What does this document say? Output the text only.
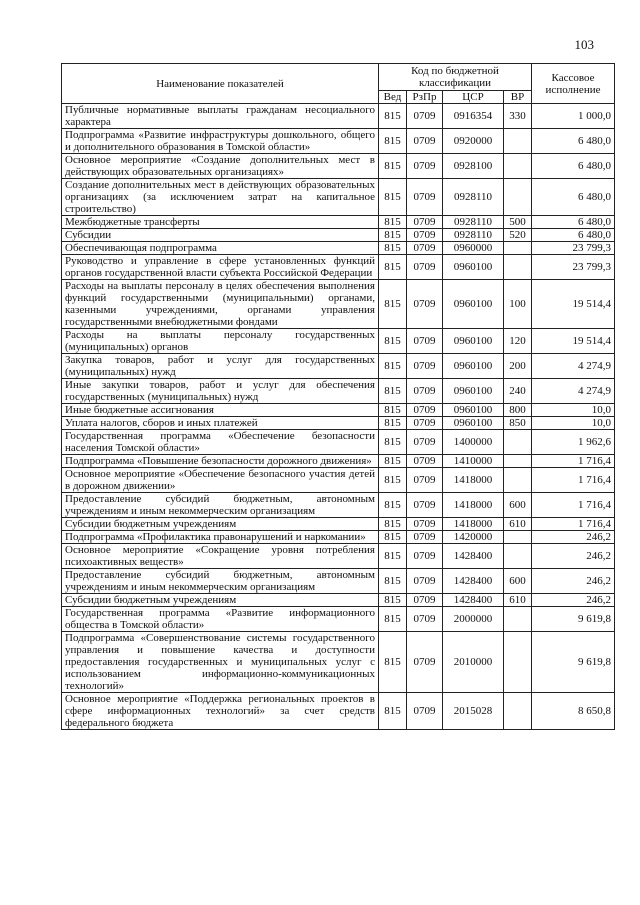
103
Наименование показателей	Код по бюджетной классификации				Кассовое исполнение
	Вед	РзПр	ЦСР	ВР	
Публичные нормативные выплаты гражданам несоциального характера	815	0709	0916354	330	1 000,0
Подпрограмма «Развитие инфраструктуры дошкольного, общего и дополнительного образования в Томской области»	815	0709	0920000		6 480,0
Основное мероприятие «Создание дополнительных мест в действующих образовательных организациях»	815	0709	0928100		6 480,0
Создание дополнительных мест в действующих образовательных организациях (за исключением затрат на капитальное строительство)	815	0709	0928110		6 480,0
Межбюджетные трансферты	815	0709	0928110	500	6 480,0
Субсидии	815	0709	0928110	520	6 480,0
Обеспечивающая подпрограмма	815	0709	0960000		23 799,3
Руководство и управление в сфере установленных функций органов государственной власти субъекта Российской Федерации	815	0709	0960100		23 799,3
Расходы на выплаты персоналу в целях обеспечения выполнения функций государственными (муниципальными) органами, казенными учреждениями, органами управления государственными внебюджетными фондами	815	0709	0960100	100	19 514,4
Расходы на выплаты персоналу государственных (муниципальных) органов	815	0709	0960100	120	19 514,4
Закупка товаров, работ и услуг для государственных (муниципальных) нужд	815	0709	0960100	200	4 274,9
Иные закупки товаров, работ и услуг для обеспечения государственных (муниципальных) нужд	815	0709	0960100	240	4 274,9
Иные бюджетные ассигнования	815	0709	0960100	800	10,0
Уплата налогов, сборов и иных платежей	815	0709	0960100	850	10,0
Государственная программа «Обеспечение безопасности населения Томской области»	815	0709	1400000		1 962,6
Подпрограмма «Повышение безопасности дорожного движения»	815	0709	1410000		1 716,4
Основное мероприятие «Обеспечение безопасного участия детей в дорожном движении»	815	0709	1418000		1 716,4
Предоставление субсидий бюджетным, автономным учреждениям и иным некоммерческим организациям	815	0709	1418000	600	1 716,4
Субсидии бюджетным учреждениям	815	0709	1418000	610	1 716,4
Подпрограмма «Профилактика правонарушений и наркомании»	815	0709	1420000		246,2
Основное мероприятие «Сокращение уровня потребления психоактивных веществ»	815	0709	1428400		246,2
Предоставление субсидий бюджетным, автономным учреждениям и иным некоммерческим организациям	815	0709	1428400	600	246,2
Субсидии бюджетным учреждениям	815	0709	1428400	610	246,2
Государственная программа «Развитие информационного общества в Томской области»	815	0709	2000000		9 619,8
Подпрограмма «Совершенствование системы государственного управления и повышение качества и доступности предоставления государственных и муниципальных услуг с использованием информационно-коммуникационных технологий»	815	0709	2010000		9 619,8
Основное мероприятие «Поддержка региональных проектов в сфере информационных технологий» за счет средств федерального бюджета	815	0709	2015028		8 650,8
